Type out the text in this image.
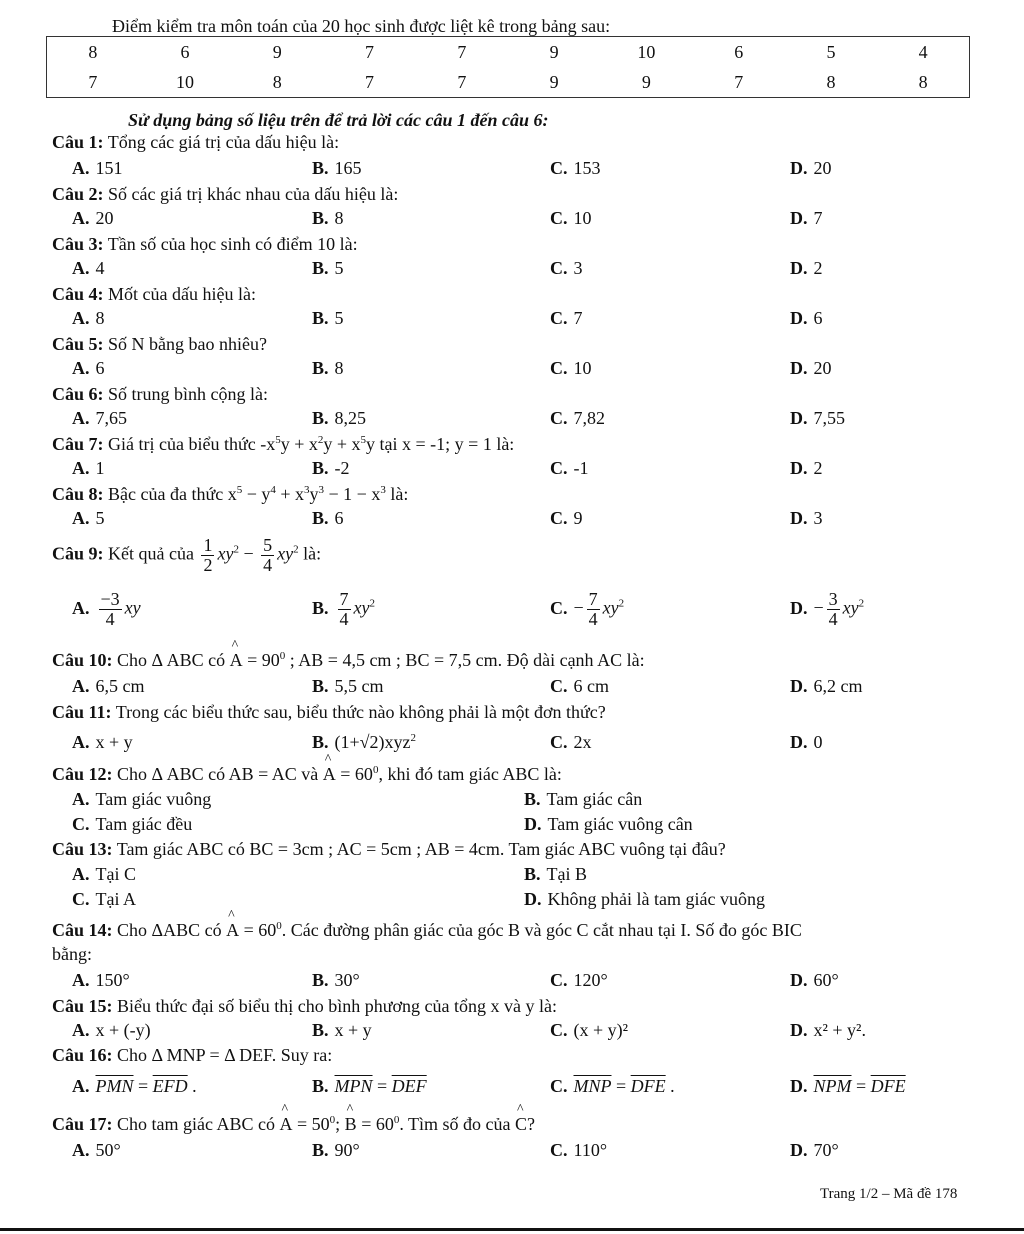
Điểm kiểm tra môn toán của 20 học sinh được liệt kê trong bảng sau:
8	6	9	7	7	9	10	6	5	4
7	10	8	7	7	9	9	7	8	8
Sử dụng bảng số liệu trên để trả lời các câu 1 đến câu 6:
Câu 1: Tổng các giá trị của dấu hiệu là:
A. 151	B. 165	C. 153	D. 20
Câu 2: Số các giá trị khác nhau của dấu hiệu là:
A. 20	B. 8	C. 10	D. 7
Câu 3: Tần số của học sinh có điểm 10 là:
A. 4	B. 5	C. 3	D. 2
Câu 4: Mốt của dấu hiệu là:
A. 8	B. 5	C. 7	D. 6
Câu 5: Số N bằng bao nhiêu?
A. 6	B. 8	C. 10	D. 20
Câu 6: Số trung bình cộng là:
A. 7,65	B. 8,25	C. 7,82	D. 7,55
Câu 7: Giá trị của biểu thức $-x^5y + x^2y + x^5y$ tại x = -1; y = 1 là:
A. 1	B. -2	C. -1	D. 2
Câu 8: Bậc của đa thức $x^5 - y^4 + x^3y^3 - 1 - x^3$ là:
A. 5	B. 6	C. 9	D. 3
Câu 9: Kết quả của $\frac{1}{2} xy^2 - \frac{5}{4} xy^2$ là:
A. $\frac{-3}{4}$ xy	B. $\frac{7}{4} xy^2$	C. − $\frac{7}{4} xy^2$	D. − $\frac{3}{4} xy^2$
Câu 10: Cho Δ ABC có ^ $A = 90^0$ ; AB = 4,5 cm ; BC = 7,5 cm. Độ dài cạnh AC là:
A. 6,5 cm	B. 5,5 cm	C. 6 cm	D. 6,2 cm
Câu 11: Trong các biểu thức sau, biểu thức nào không phải là một đơn thức?
A. x + y	B. (1+√2)xyz$^2$	C. 2x	D. 0
Câu 12: Cho Δ ABC có AB = AC và ^ $A = 60^0$, khi đó tam giác ABC là:
A. Tam giác vuông	B. Tam giác cân
C. Tam giác đều	D. Tam giác vuông cân
Câu 13: Tam giác ABC có BC = 3cm ; AC = 5cm ; AB = 4cm. Tam giác ABC vuông tại đâu?
A. Tại C	B. Tại B
C. Tại A	D. Không phải là tam giác vuông
Câu 14: Cho ΔABC có ^ $A = 60^0$. Các đường phân giác của góc B và góc C cắt nhau tại I. Số đo góc BIC
bằng:
A. 150°	B. 30°	C. 120°	D. 60°
Câu 15: Biểu thức đại số biểu thị cho bình phương của tổng x và y là:
A. x + (-y)	B. x + y	C. (x + y)²	D. x² + y².
Câu 16: Cho Δ MNP = Δ DEF. Suy ra:
A. $\overline{PMN} = \overline{EFD}$ .	B. $\overline{MPN} = \overline{DEF}$	C. $\overline{MNP} = \overline{DFE}$ .	D. $\overline{NPM} = \overline{DFE}$
Câu 17: Cho tam giác ABC có ^ $A = 50^0$; ^ $B = 60^0$. Tìm số đo của ^ C?
A. 50°	B. 90°	C. 110°	D. 70°
Trang 1/2 – Mã đề 178
